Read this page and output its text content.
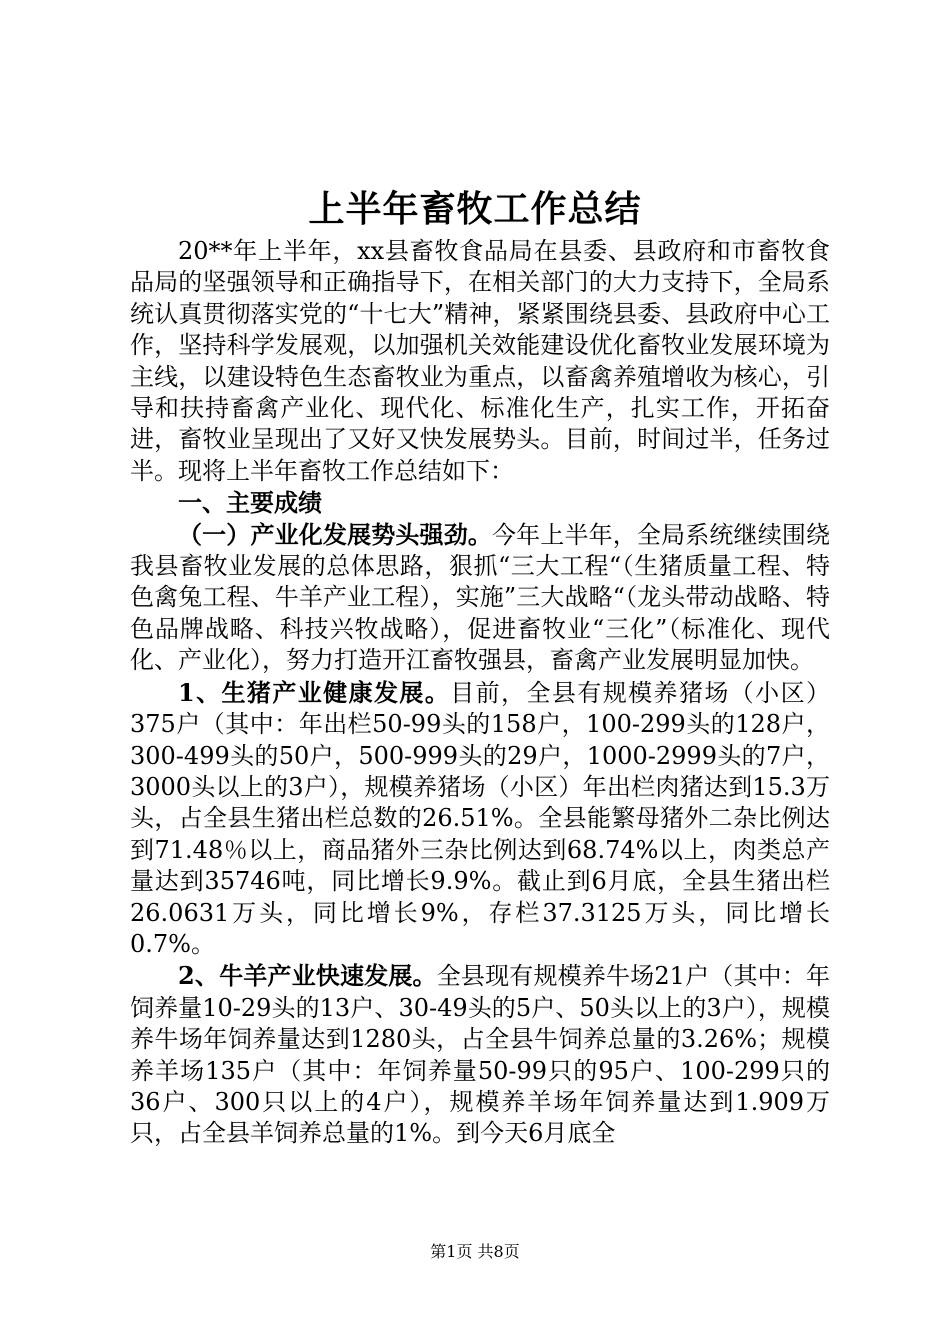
上半年畜牧工作总结

20**年上半年，xx县畜牧食品局在县委、县政府和市畜牧食品局的坚强领导和正确指导下，在相关部门的大力支持下，全局系统认真贯彻落实党的“十七大”精神，紧紧围绕县委、县政府中心工作，坚持科学发展观，以加强机关效能建设优化畜牧业发展环境为主线，以建设特色生态畜牧业为重点，以畜禽养殖增收为核心，引导和扶持畜禽产业化、现代化、标准化生产，扎实工作，开拓奋进，畜牧业呈现出了又好又快发展势头。目前，时间过半，任务过半。现将上半年畜牧工作总结如下：

一、主要成绩

（一）产业化发展势头强劲。今年上半年，全局系统继续围绕我县畜牧业发展的总体思路，狠抓“三大工程“（生猪质量工程、特色禽兔工程、牛羊产业工程），实施”三大战略“（龙头带动战略、特色品牌战略、科技兴牧战略），促进畜牧业“三化”（标准化、现代化、产业化），努力打造开江畜牧强县，畜禽产业发展明显加快。

1、生猪产业健康发展。目前，全县有规模养猪场（小区）375户（其中：年出栏50-99头的158户，100-299头的128户，300-499头的50户，500-999头的29户，1000-2999头的7户，3000头以上的3户），规模养猪场（小区）年出栏肉猪达到15.3万头，占全县生猪出栏总数的26.51%。全县能繁母猪外二杂比例达到71.48％以上，商品猪外三杂比例达到68.74%以上，肉类总产量达到35746吨，同比增长9.9%。截止到6月底，全县生猪出栏26.0631万头，同比增长9%，存栏37.3125万头，同比增长0.7%。

2、牛羊产业快速发展。全县现有规模养牛场21户（其中：年饲养量10-29头的13户、30-49头的5户、50头以上的3户），规模养牛场年饲养量达到1280头，占全县牛饲养总量的3.26%；规模养羊场135户（其中：年饲养量50-99只的95户、100-299只的36户、300只以上的4户），规模养羊场年饲养量达到1.909万只，占全县羊饲养总量的1%。到今天6月底全

第1页 共8页
